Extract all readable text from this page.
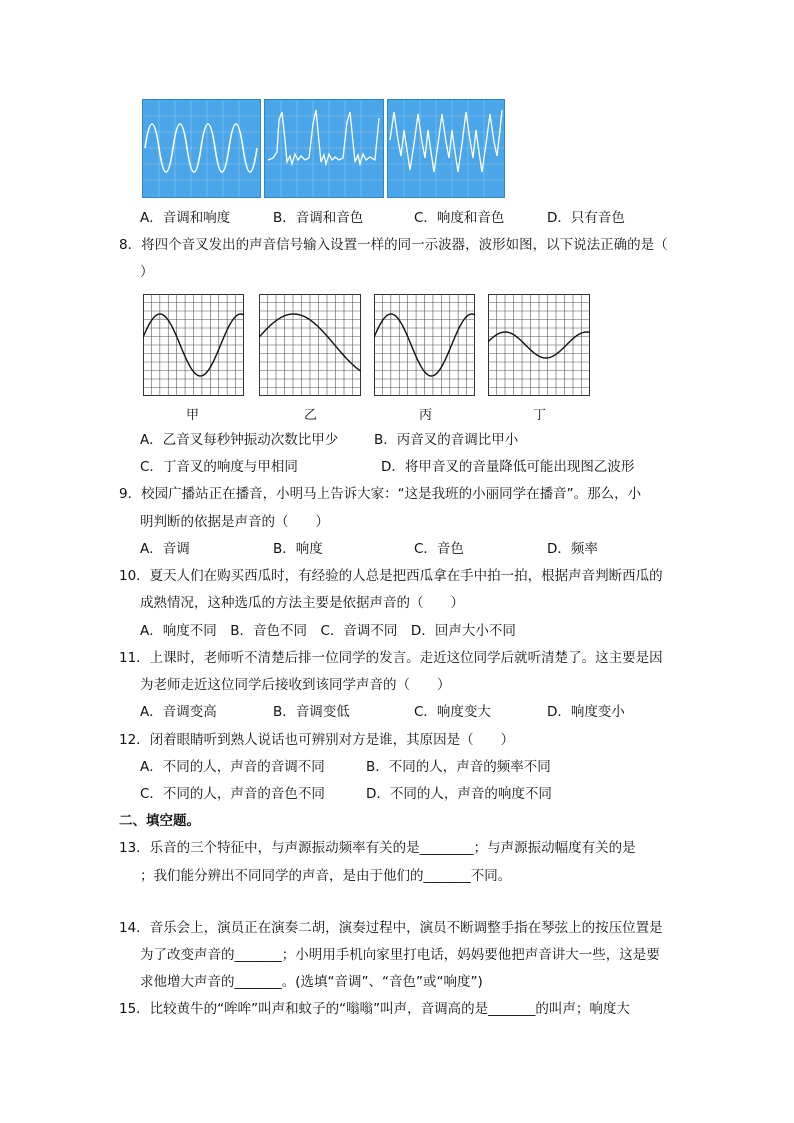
A．音调和响度	B．音调和音色	C．响度和音色	D．只有音色
8．将四个音叉发出的声音信号输入设置一样的同一示波器，波形如图，以下说法正确的是（
）
甲	乙	丙	丁
A．乙音叉每秒钟振动次数比甲少	B．丙音叉的音调比甲小
C．丁音叉的响度与甲相同	D．将甲音叉的音量降低可能出现图乙波形
9．校园广播站正在播音，小明马上告诉大家：“这是我班的小丽同学在播音”。那么，小
明判断的依据是声音的（　　）
A．音调	B．响度	C．音色	D．频率
10．夏天人们在购买西瓜时，有经验的人总是把西瓜拿在手中拍一拍，根据声音判断西瓜的
成熟情况，这种选瓜的方法主要是依据声音的（　　）
A．响度不同　B．音色不同　C．音调不同　D．回声大小不同
11．上课时，老师听不清楚后排一位同学的发言。走近这位同学后就听清楚了。这主要是因
为老师走近这位同学后接收到该同学声音的（　　）
A．音调变高	B．音调变低	C．响度变大	D．响度变小
12．闭着眼睛听到熟人说话也可辨别对方是谁，其原因是（　　）
A．不同的人，声音的音调不同	B．不同的人，声音的频率不同
C．不同的人，声音的音色不同	D．不同的人，声音的响度不同
二、填空题。
13．乐音的三个特征中，与声源振动频率有关的是________；与声源振动幅度有关的是
；我们能分辨出不同同学的声音，是由于他们的_______不同。
14．音乐会上，演员正在演奏二胡，演奏过程中，演员不断调整手指在琴弦上的按压位置是
为了改变声音的_______；小明用手机向家里打电话，妈妈要他把声音讲大一些，这是要
求他增大声音的_______。(选填“音调”、“音色”或“响度”)
15．比较黄牛的“哞哞”叫声和蚊子的“嗡嗡”叫声，音调高的是_______的叫声；响度大
